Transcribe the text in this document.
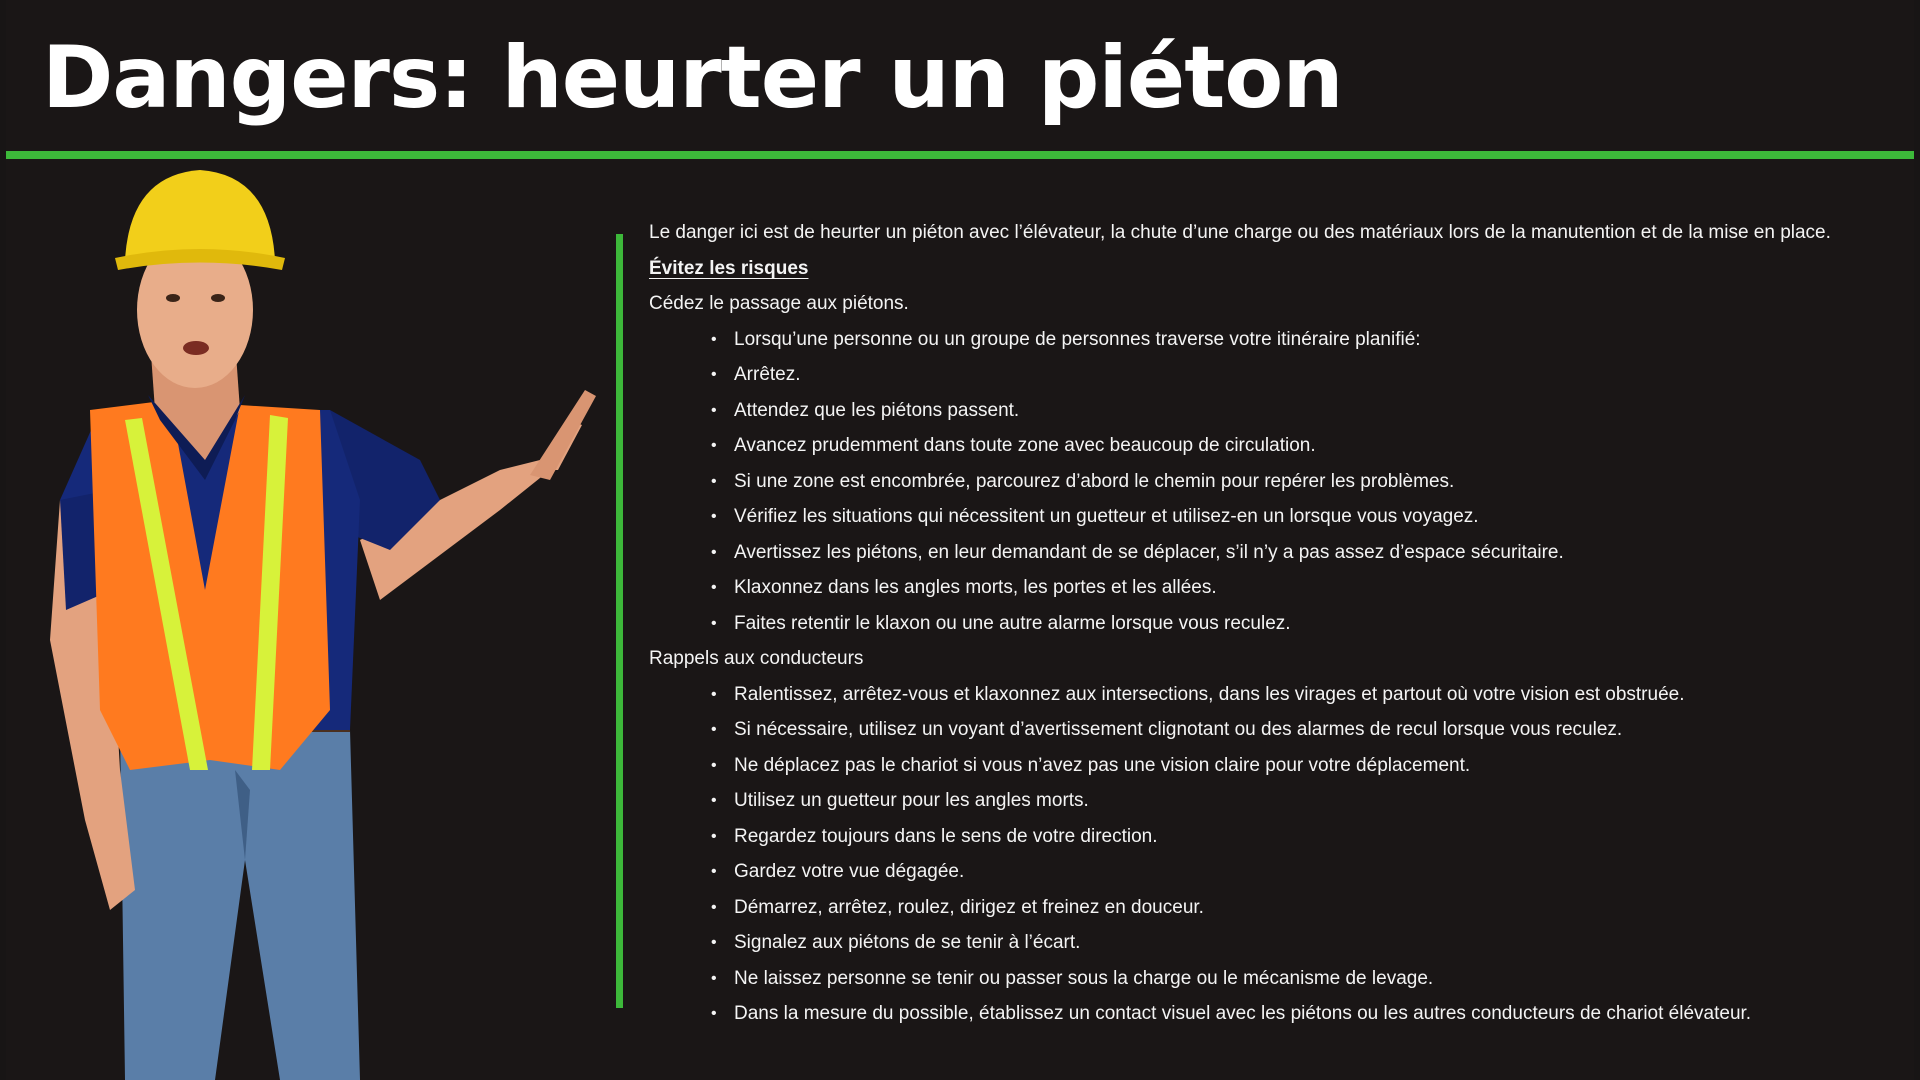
Dangers: heurter un piéton

Le danger ici est de heurter un piéton avec l’élévateur, la chute d’une charge ou des matériaux lors de la manutention et de la mise en place.

Évitez les risques

Cédez le passage aux piétons.

• Lorsqu’une personne ou un groupe de personnes traverse votre itinéraire planifié:
• Arrêtez.
• Attendez que les piétons passent.
• Avancez prudemment dans toute zone avec beaucoup de circulation.
• Si une zone est encombrée, parcourez d’abord le chemin pour repérer les problèmes.
• Vérifiez les situations qui nécessitent un guetteur et utilisez-en un lorsque vous voyagez.
• Avertissez les piétons, en leur demandant de se déplacer, s’il n’y a pas assez d’espace sécuritaire.
• Klaxonnez dans les angles morts, les portes et les allées.
• Faites retentir le klaxon ou une autre alarme lorsque vous reculez.

Rappels aux conducteurs

• Ralentissez, arrêtez-vous et klaxonnez aux intersections, dans les virages et partout où votre vision est obstruée.
• Si nécessaire, utilisez un voyant d’avertissement clignotant ou des alarmes de recul lorsque vous reculez.
• Ne déplacez pas le chariot si vous n’avez pas une vision claire pour votre déplacement.
• Utilisez un guetteur pour les angles morts.
• Regardez toujours dans le sens de votre direction.
• Gardez votre vue dégagée.
• Démarrez, arrêtez, roulez, dirigez et freinez en douceur.
• Signalez aux piétons de se tenir à l’écart.
• Ne laissez personne se tenir ou passer sous la charge ou le mécanisme de levage.
• Dans la mesure du possible, établissez un contact visuel avec les piétons ou les autres conducteurs de chariot élévateur.
